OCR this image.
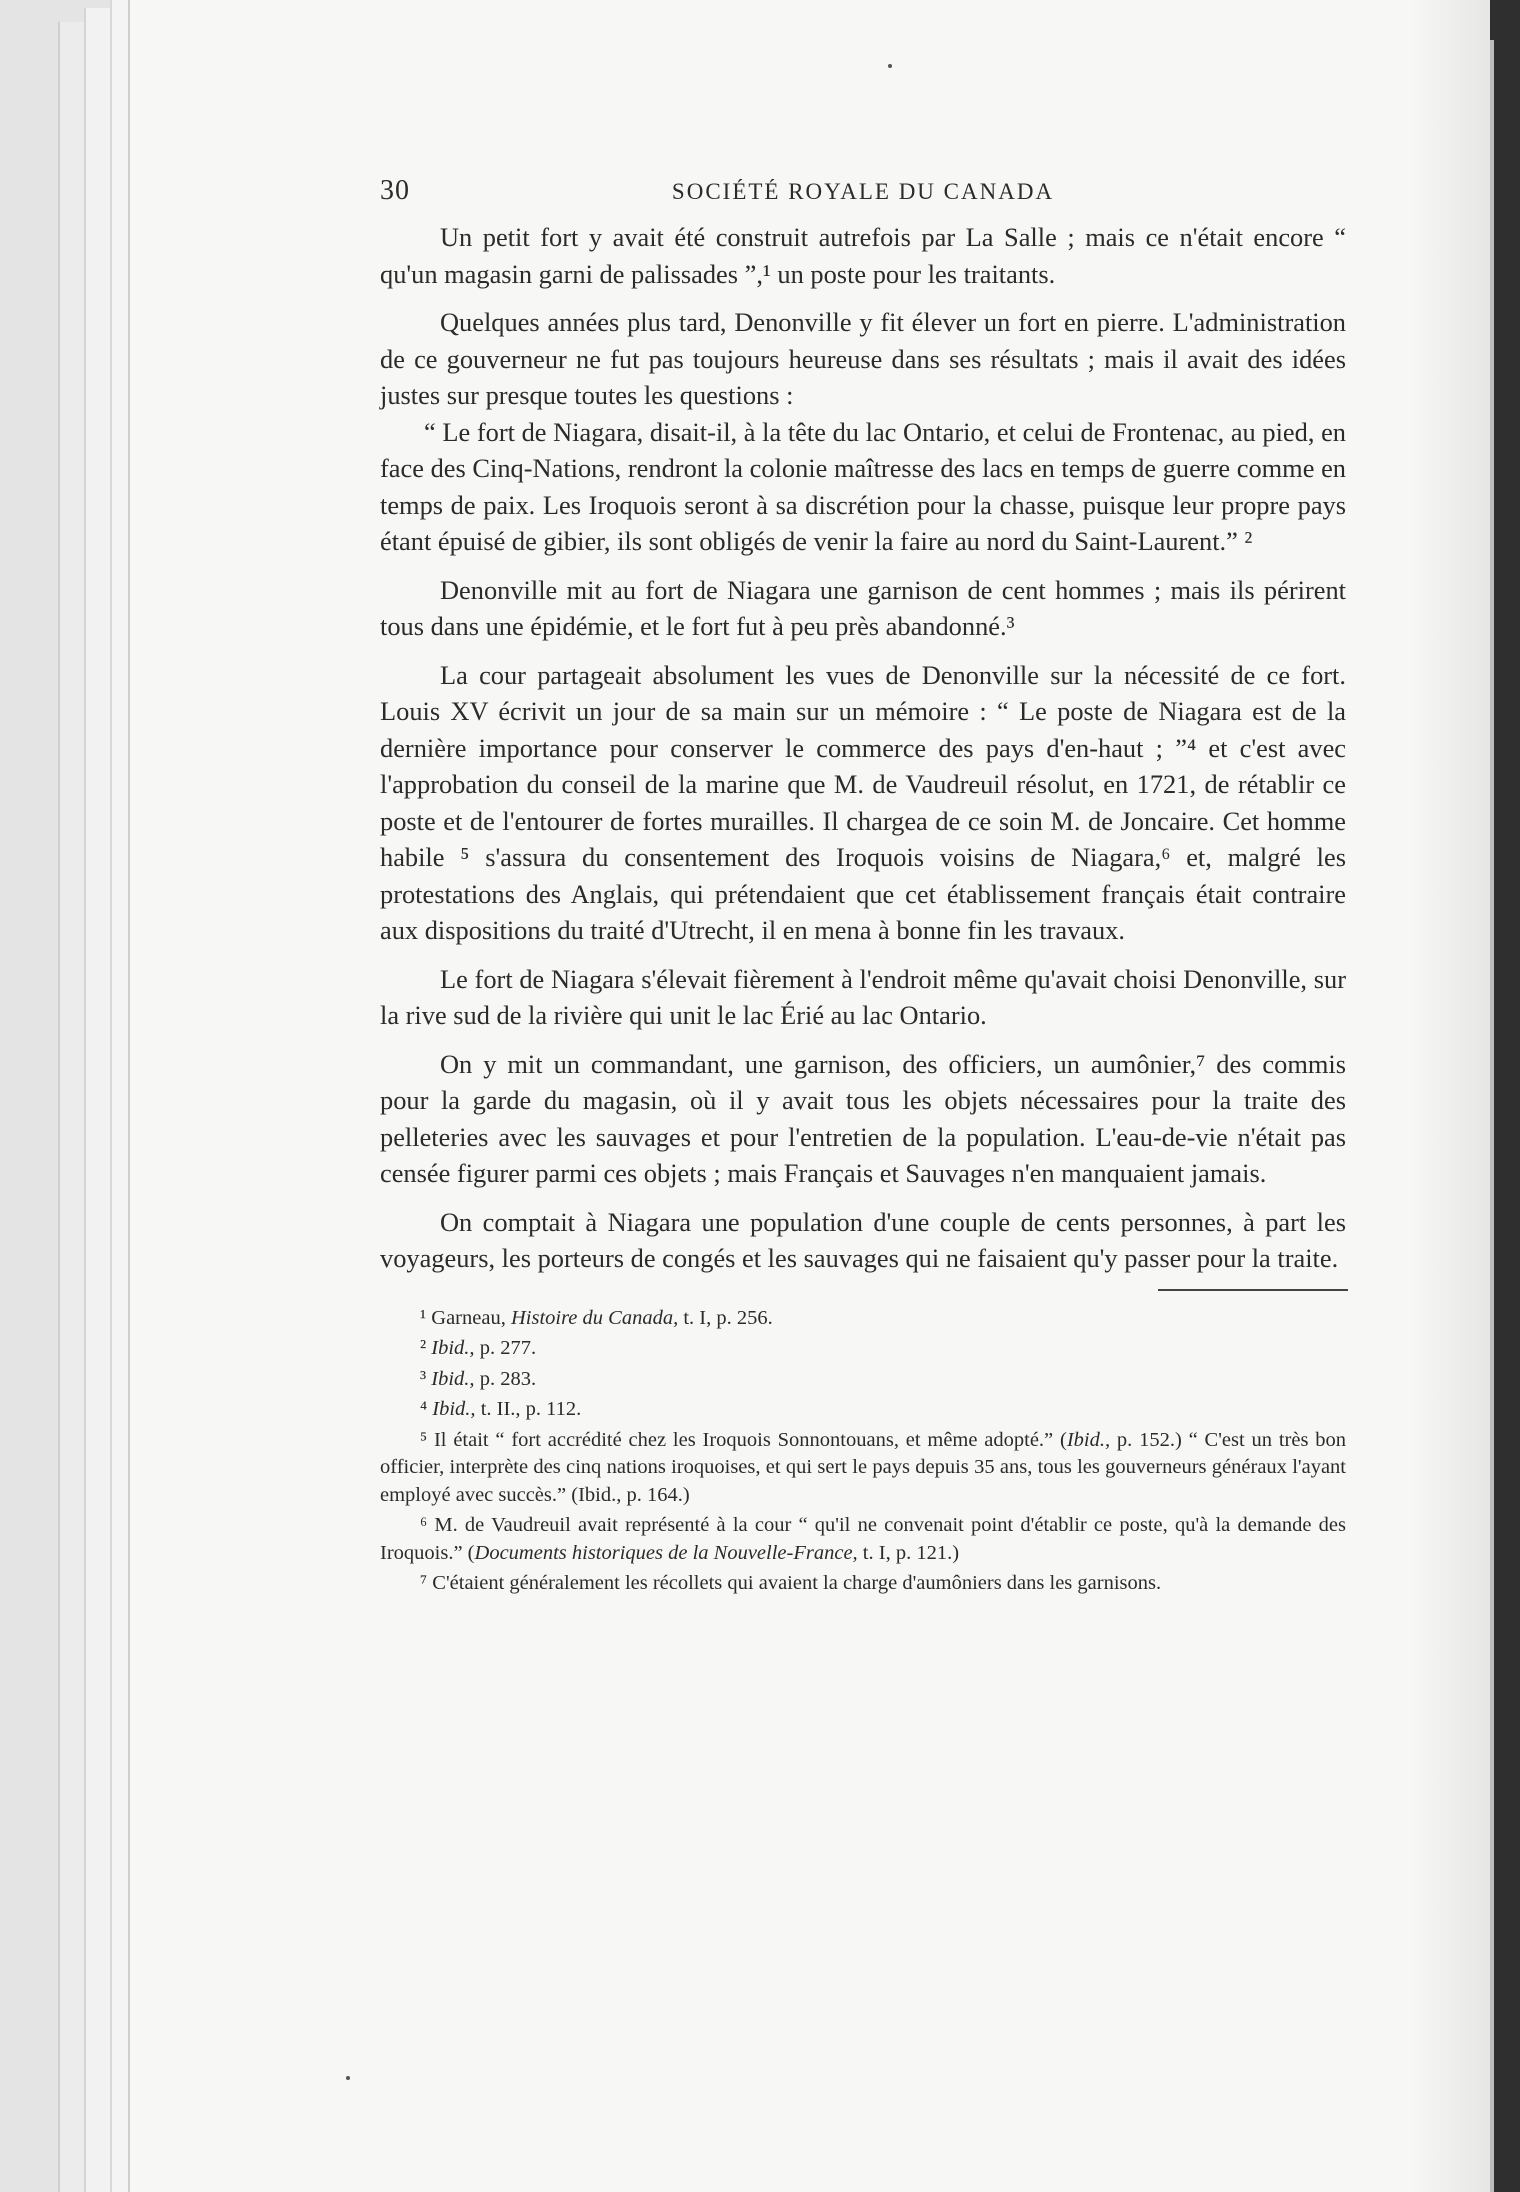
30	SOCIÉTÉ ROYALE DU CANADA

Un petit fort y avait été construit autrefois par La Salle ; mais ce n'était encore “ qu'un magasin garni de palissades ”,¹ un poste pour les traitants.

Quelques années plus tard, Denonville y fit élever un fort en pierre. L'administration de ce gouverneur ne fut pas toujours heureuse dans ses résultats ; mais il avait des idées justes sur presque toutes les questions :

“ Le fort de Niagara, disait-il, à la tête du lac Ontario, et celui de Frontenac, au pied, en face des Cinq-Nations, rendront la colonie maîtresse des lacs en temps de guerre comme en temps de paix. Les Iroquois seront à sa discrétion pour la chasse, puisque leur propre pays étant épuisé de gibier, ils sont obligés de venir la faire au nord du Saint-Laurent.” ²

Denonville mit au fort de Niagara une garnison de cent hommes ; mais ils périrent tous dans une épidémie, et le fort fut à peu près abandonné.³

La cour partageait absolument les vues de Denonville sur la nécessité de ce fort. Louis XV écrivit un jour de sa main sur un mémoire : “ Le poste de Niagara est de la dernière importance pour conserver le commerce des pays d'en-haut ; ”⁴ et c'est avec l'approbation du conseil de la marine que M. de Vaudreuil résolut, en 1721, de rétablir ce poste et de l'entourer de fortes murailles. Il chargea de ce soin M. de Joncaire. Cet homme habile ⁵ s'assura du consentement des Iroquois voisins de Niagara,⁶ et, malgré les protestations des Anglais, qui prétendaient que cet établissement français était contraire aux dispositions du traité d'Utrecht, il en mena à bonne fin les travaux.

Le fort de Niagara s'élevait fièrement à l'endroit même qu'avait choisi Denonville, sur la rive sud de la rivière qui unit le lac Érié au lac Ontario.

On y mit un commandant, une garnison, des officiers, un aumônier,⁷ des commis pour la garde du magasin, où il y avait tous les objets nécessaires pour la traite des pelleteries avec les sauvages et pour l'entretien de la population. L'eau-de-vie n'était pas censée figurer parmi ces objets ; mais Français et Sauvages n'en manquaient jamais.

On comptait à Niagara une population d'une couple de cents personnes, à part les voyageurs, les porteurs de congés et les sauvages qui ne faisaient qu'y passer pour la traite.

¹ Garneau, Histoire du Canada, t. I, p. 256.

² Ibid., p. 277.

³ Ibid., p. 283.

⁴ Ibid., t. II., p. 112.

⁵ Il était “ fort accrédité chez les Iroquois Sonnontouans, et même adopté.” (Ibid., p. 152.) “ C'est un très bon officier, interprète des cinq nations iroquoises, et qui sert le pays depuis 35 ans, tous les gouverneurs généraux l'ayant employé avec succès.” (Ibid., p. 164.)

⁶ M. de Vaudreuil avait représenté à la cour “ qu'il ne convenait point d'établir ce poste, qu'à la demande des Iroquois.” (Documents historiques de la Nouvelle-France, t. I, p. 121.)

⁷ C'étaient généralement les récollets qui avaient la charge d'aumôniers dans les garnisons.
